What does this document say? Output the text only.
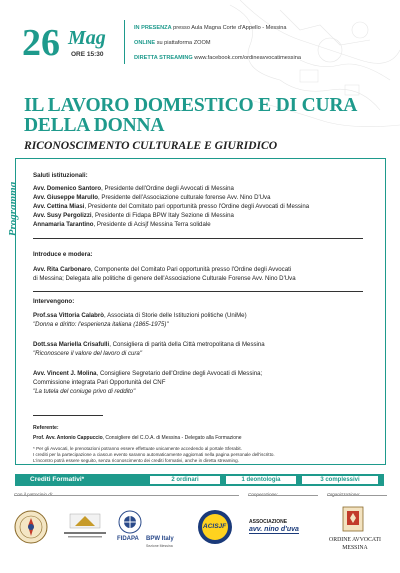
26 Mag
ORE 15:30
IN PRESENZA presso Aula Magna Corte d'Appello - Messina
ONLINE su piattaforma ZOOM
DIRETTA STREAMING www.facebook.com/ordineavvocatimessina
IL LAVORO DOMESTICO E DI CURA
DELLA DONNA
RICONOSCIMENTO CULTURALE E GIURIDICO
Programma
Saluti istituzionali:
Avv. Domenico Santoro, Presidente dell'Ordine degli Avvocati di Messina
Avv. Giuseppe Marullo, Presidente dell'Associazione culturale forense Avv. Nino D'Uva
Avv. Cettina Miasi, Presidente del Comitato pari opportunità presso l'Ordine degli Avvocati di Messina
Avv. Susy Pergolizzi, Presidente di Fidapa BPW Italy Sezione di Messina
Annamaria Tarantino, Presidente di Acisjf Messina Terra solidale
Introduce e modera:
Avv. Rita Carbonaro, Componente del Comitato Pari opportunità presso l'Ordine degli Avvocati
di Messina; Delegata alle politiche di genere dell'Associazione Culturale Forense Avv. Nino D'Uva
Intervengono:
Prof.ssa Vittoria Calabrò, Associata di Storie delle Istituzioni politiche (UniMe)
"Donna e diritto: l'esperienza italiana (1865-1975)"
Dott.ssa Mariella Crisafulli, Consigliera di parità della Città metropolitana di Messina
"Riconoscere il valore del lavoro di cura"
Avv. Vincent J. Molina, Consigliere Segretario dell'Ordine degli Avvocati di Messina;
Commissione integrata Pari Opportunità del CNF
"La tutela del coniuge privo di reddito"
Referente:
Prof. Avv. Antonio Cappuccio, Consigliere del C.O.A. di Messina - Delegato alla Formazione
* Per gli Avvocati, le prenotazioni potranno essere effettuate unicamente accedendo al portale Sferabit.
I crediti per la partecipazione a ciascun evento saranno automaticamente aggiornati nella pagina personale dell'iscritto.
L'incontro potrà essere seguito, senza riconoscimento dei crediti formativi, anche in diretta streaming.
Crediti Formativi*	2 ordinari	1 deontologia	3 complessivi
FIDAPA BPW Italy
Sezione Messina
ACISJF
ASSOCIAZIONE
avv. nino d'uva
ORDINE AVVOCATI
MESSINA
